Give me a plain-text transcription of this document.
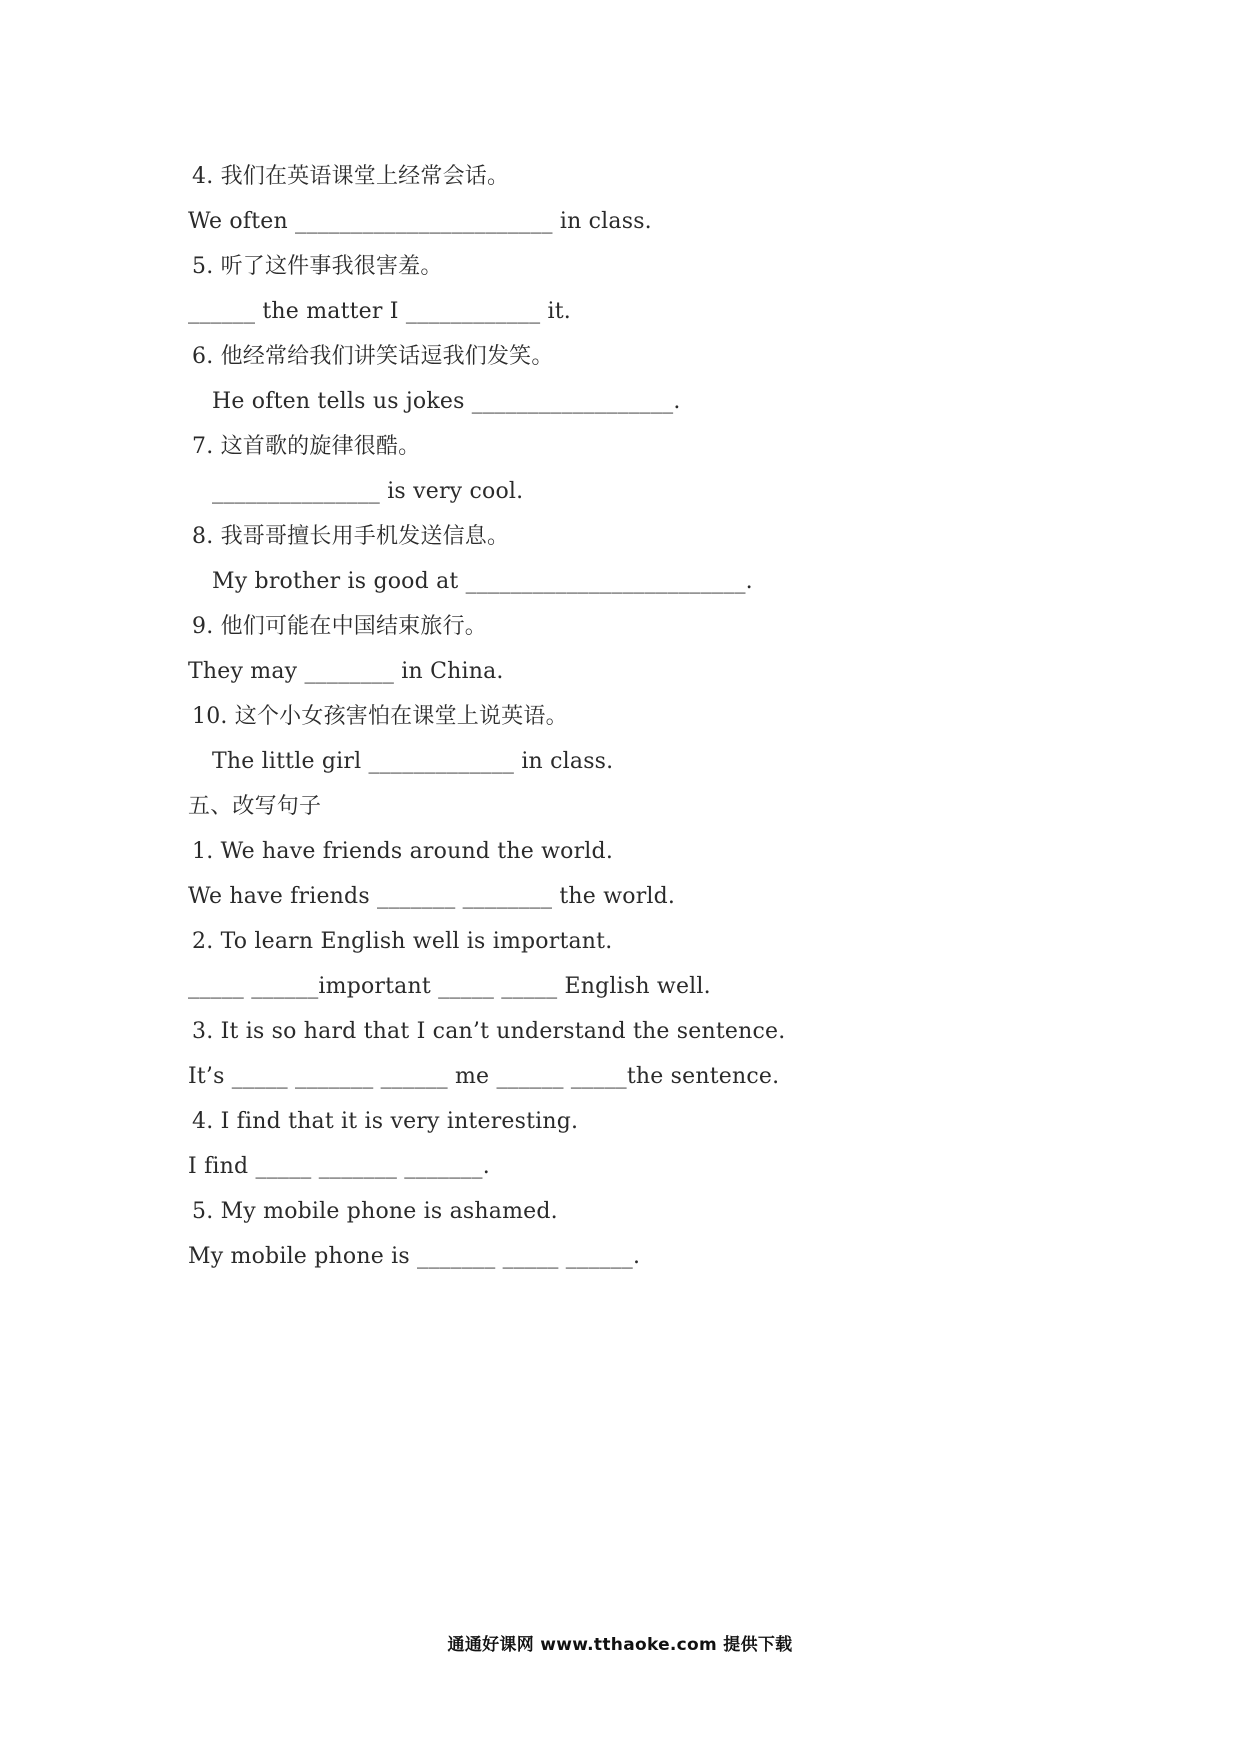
4. 我们在英语课堂上经常会话。
We often _______________________ in class.
5. 听了这件事我很害羞。
______ the matter I ____________ it.
6. 他经常给我们讲笑话逗我们发笑。
He often tells us jokes __________________.
7. 这首歌的旋律很酷。
_______________ is very cool.
8. 我哥哥擅长用手机发送信息。
My brother is good at _________________________.
9. 他们可能在中国结束旅行。
They may ________ in China.
10. 这个小女孩害怕在课堂上说英语。
The little girl _____________ in class.
五、改写句子
1. We have friends around the world.
We have friends _______ ________ the world.
2. To learn English well is important.
_____ ______important _____ _____ English well.
3. It is so hard that I can’t understand the sentence.
It’s _____ _______ ______ me ______ _____the sentence.
4. I find that it is very interesting.
I find _____ _______ _______.
5. My mobile phone is ashamed.
My mobile phone is _______ _____ ______.
通通好课网 www.tthaoke.com 提供下载
